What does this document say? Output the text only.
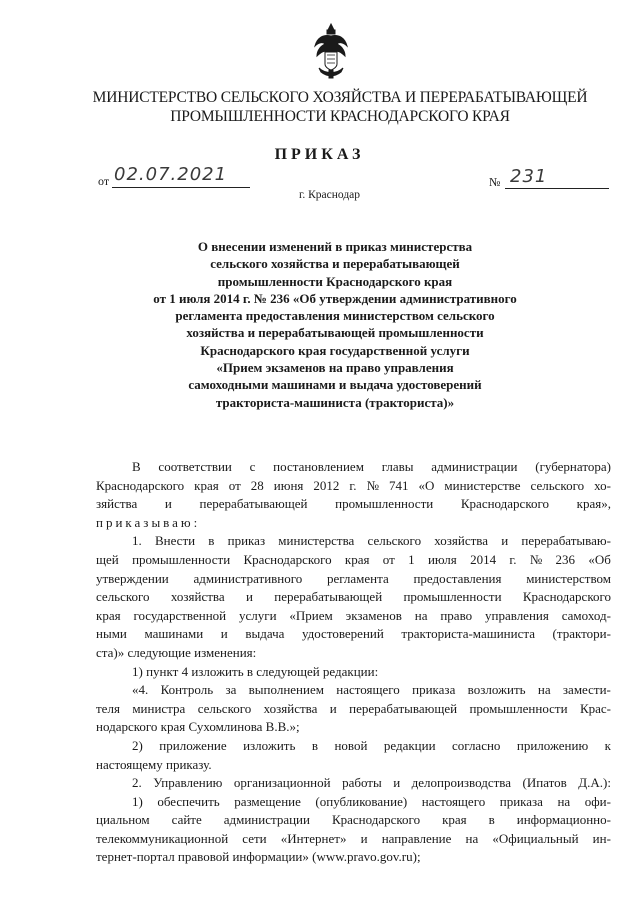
МИНИСТЕРСТВО СЕЛЬСКОГО ХОЗЯЙСТВА И ПЕРЕРАБАТЫВАЮЩЕЙ
ПРОМЫШЛЕННОСТИ КРАСНОДАРСКОГО КРАЯ
ПРИКАЗ
от 02.07.2021	№ 231
г. Краснодар
О внесении изменений в приказ министерства
сельского хозяйства и перерабатывающей
промышленности Краснодарского края
от 1 июля 2014 г. № 236 «Об утверждении административного
регламента предоставления министерством сельского
хозяйства и перерабатывающей промышленности
Краснодарского края государственной услуги
«Прием экзаменов на право управления
самоходными машинами и выдача удостоверений
тракториста-машиниста (тракториста)»
В соответствии с постановлением главы администрации (губернатора)
Краснодарского края от 28 июня 2012 г. № 741 «О министерстве сельского хо-
зяйства и перерабатывающей промышленности Краснодарского края»,
приказываю:
1. Внести в приказ министерства сельского хозяйства и перерабатываю-
щей промышленности Краснодарского края от 1 июля 2014 г. № 236 «Об
утверждении административного регламента предоставления министерством
сельского хозяйства и перерабатывающей промышленности Краснодарского
края государственной услуги «Прием экзаменов на право управления самоход-
ными машинами и выдача удостоверений тракториста-машиниста (трактори-
ста)» следующие изменения:
1) пункт 4 изложить в следующей редакции:
«4. Контроль за выполнением настоящего приказа возложить на замести-
теля министра сельского хозяйства и перерабатывающей промышленности Крас-
нодарского края Сухомлинова В.В.»;
2) приложение изложить в новой редакции согласно приложению к
настоящему приказу.
2. Управлению организационной работы и делопроизводства (Ипатов Д.А.):
1) обеспечить размещение (опубликование) настоящего приказа на офи-
циальном сайте администрации Краснодарского края в информационно-
телекоммуникационной сети «Интернет» и направление на «Официальный ин-
тернет-портал правовой информации» (www.pravo.gov.ru);
